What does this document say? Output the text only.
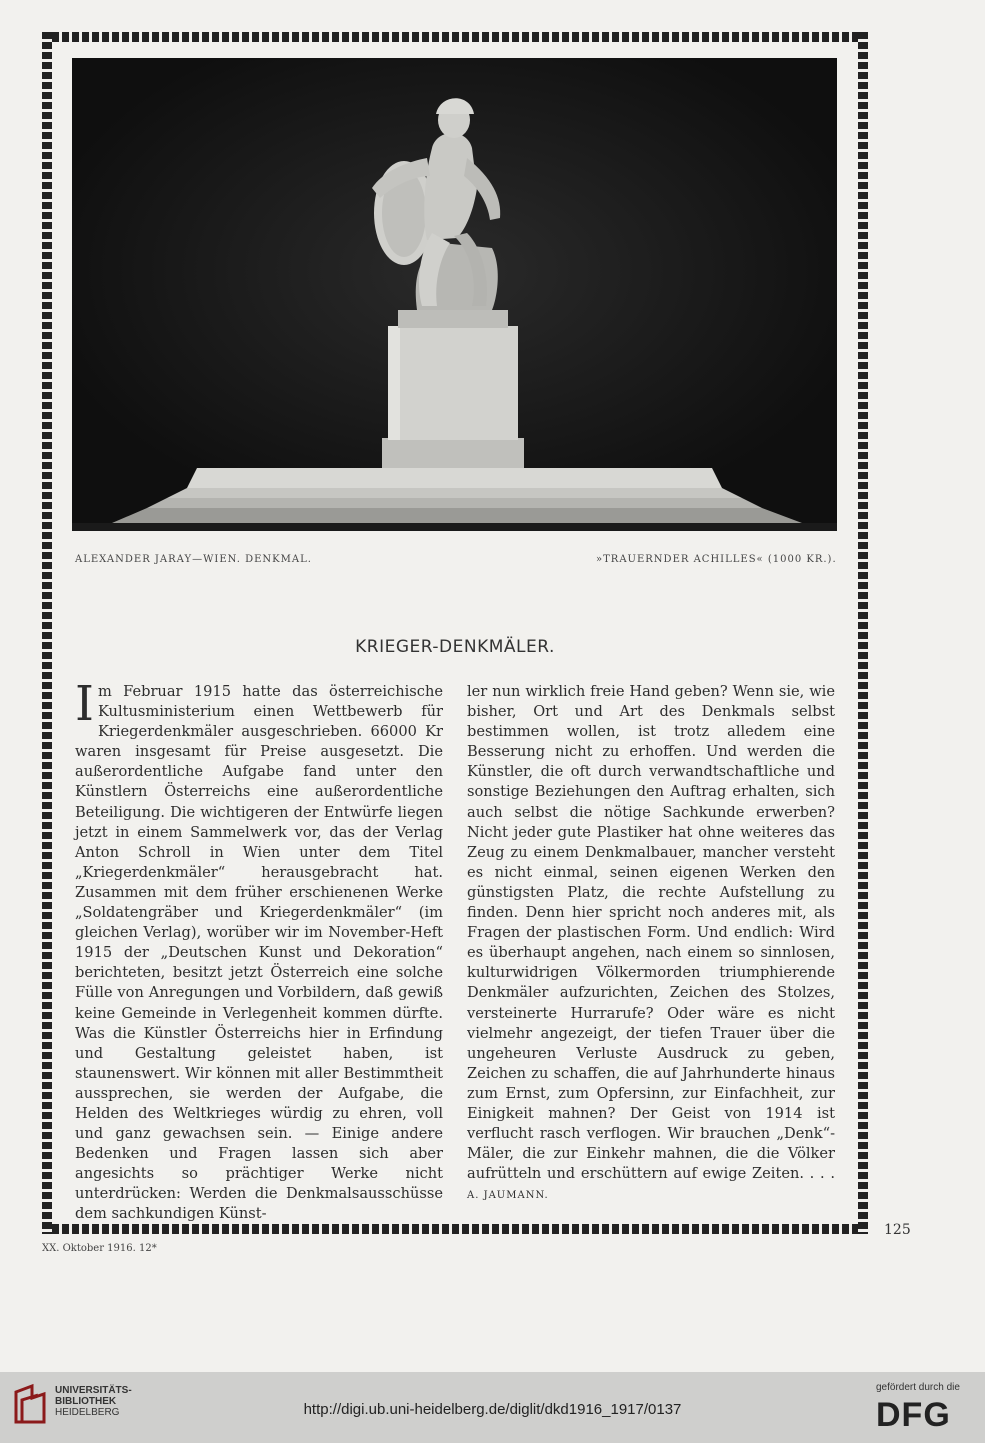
ALEXANDER JARAY—WIEN. DENKMAL.	»TRAUERNDER ACHILLES« (1000 KR.).
KRIEGER-DENKMÄLER.

Im Februar 1915 hatte das österreichische Kultusministerium einen Wettbewerb für Kriegerdenkmäler ausgeschrieben. 66000 Kr waren insgesamt für Preise ausgesetzt. Die außerordentliche Aufgabe fand unter den Künstlern Österreichs eine außerordentliche Beteiligung. Die wichtigeren der Entwürfe liegen jetzt in einem Sammelwerk vor, das der Verlag Anton Schroll in Wien unter dem Titel „Kriegerdenkmäler“ herausgebracht hat. Zusammen mit dem früher erschienenen Werke „Soldatengräber und Kriegerdenkmäler“ (im gleichen Verlag), worüber wir im November-Heft 1915 der „Deutschen Kunst und Dekoration“ berichteten, besitzt jetzt Österreich eine solche Fülle von Anregungen und Vorbildern, daß gewiß keine Gemeinde in Verlegenheit kommen dürfte. Was die Künstler Österreichs hier in Erfindung und Gestaltung geleistet haben, ist staunenswert. Wir können mit aller Bestimmtheit aussprechen, sie werden der Aufgabe, die Helden des Weltkrieges würdig zu ehren, voll und ganz gewachsen sein. — Einige andere Bedenken und Fragen lassen sich aber angesichts so prächtiger Werke nicht unterdrücken: Werden die Denkmalsausschüsse dem sachkundigen Künst-

ler nun wirklich freie Hand geben? Wenn sie, wie bisher, Ort und Art des Denkmals selbst bestimmen wollen, ist trotz alledem eine Besserung nicht zu erhoffen. Und werden die Künstler, die oft durch verwandtschaftliche und sonstige Beziehungen den Auftrag erhalten, sich auch selbst die nötige Sachkunde erwerben? Nicht jeder gute Plastiker hat ohne weiteres das Zeug zu einem Denkmalbauer, mancher versteht es nicht einmal, seinen eigenen Werken den günstigsten Platz, die rechte Aufstellung zu finden. Denn hier spricht noch anderes mit, als Fragen der plastischen Form. Und endlich: Wird es überhaupt angehen, nach einem so sinnlosen, kulturwidrigen Völkermorden triumphierende Denkmäler aufzurichten, Zeichen des Stolzes, versteinerte Hurrarufe? Oder wäre es nicht vielmehr angezeigt, der tiefen Trauer über die ungeheuren Verluste Ausdruck zu geben, Zeichen zu schaffen, die auf Jahrhunderte hinaus zum Ernst, zum Opfersinn, zur Einfachheit, zur Einigkeit mahnen? Der Geist von 1914 ist verflucht rasch verflogen. Wir brauchen „Denk“-Mäler, die zur Einkehr mahnen, die die Völker aufrütteln und erschüttern auf ewige Zeiten. . . . A. JAUMANN.

125
XX. Oktober 1916. 12*
UNIVERSITÄTS-
BIBLIOTHEK
HEIDELBERG	http://digi.ub.uni-heidelberg.de/diglit/dkd1916_1917/0137
gefördert durch die
DFG
